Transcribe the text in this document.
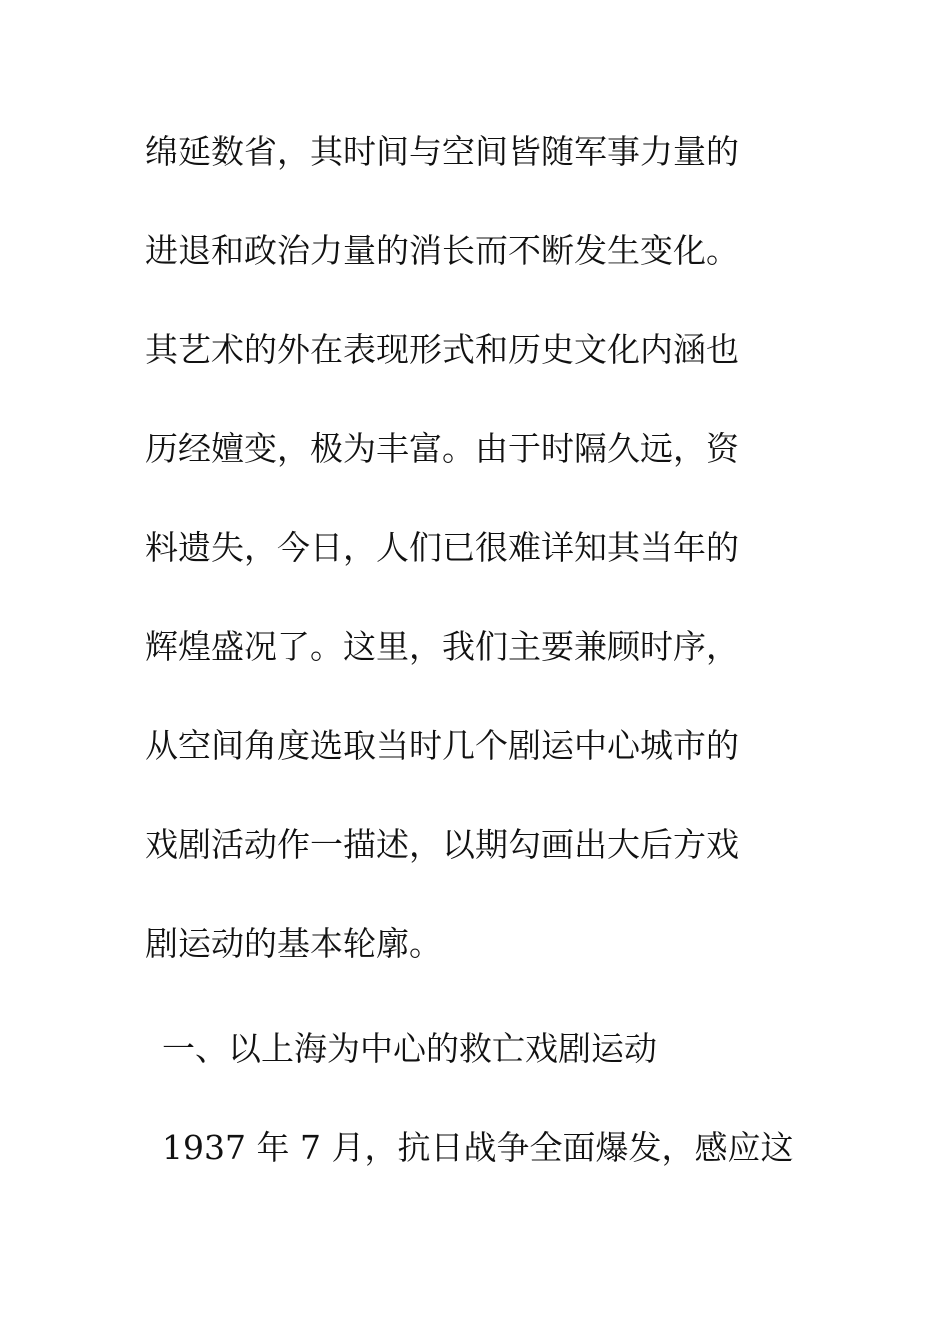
绵延数省，其时间与空间皆随军事力量的
进退和政治力量的消长而不断发生变化。
其艺术的外在表现形式和历史文化内涵也
历经嬗变，极为丰富。由于时隔久远，资
料遗失，今日，人们已很难详知其当年的
辉煌盛况了。这里，我们主要兼顾时序，
从空间角度选取当时几个剧运中心城市的
戏剧活动作一描述，以期勾画出大后方戏
剧运动的基本轮廓。
一、以上海为中心的救亡戏剧运动
1937 年 7 月，抗日战争全面爆发，感应这
